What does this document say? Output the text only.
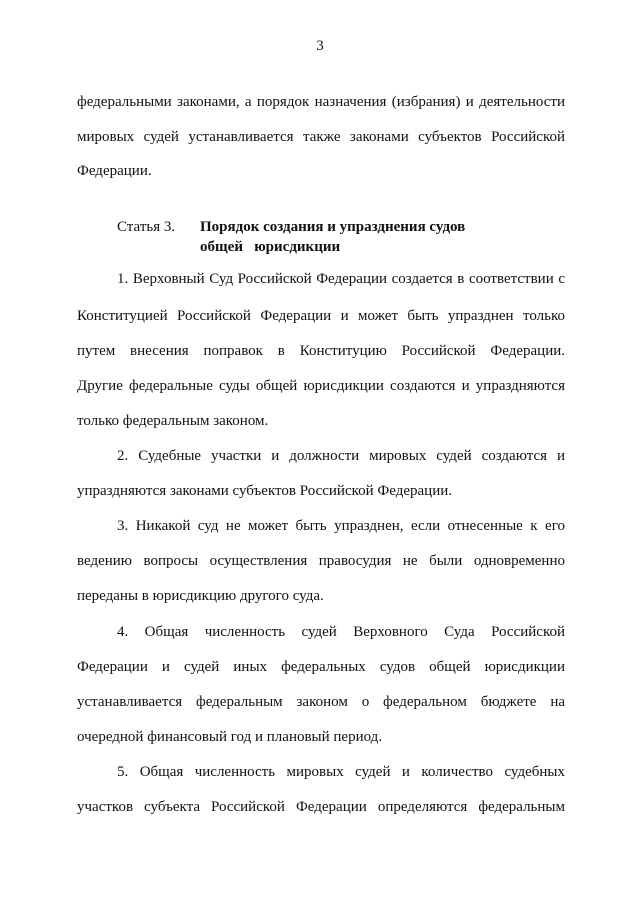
3
федеральными законами, а порядок назначения (избрания) и деятельности
мировых судей устанавливается также законами субъектов Российской
Федерации.
Статья 3. Порядок создания и упразднения судов
общей   юрисдикции
1. Верховный Суд Российской Федерации создается в соответствии с
Конституцией Российской Федерации и может быть упразднен только
путем внесения поправок в Конституцию Российской Федерации.
Другие федеральные суды общей юрисдикции создаются и упраздняются
только федеральным законом.
2. Судебные участки и должности мировых судей создаются и
упраздняются законами субъектов Российской Федерации.
3. Никакой суд не может быть упразднен, если отнесенные к его
ведению вопросы осуществления правосудия не были одновременно
переданы в юрисдикцию другого суда.
4. Общая численность судей Верховного Суда Российской
Федерации и судей иных федеральных судов общей юрисдикции
устанавливается федеральным законом о федеральном бюджете на
очередной финансовый год и плановый период.
5. Общая численность мировых судей и количество судебных
участков субъекта Российской Федерации определяются федеральным
